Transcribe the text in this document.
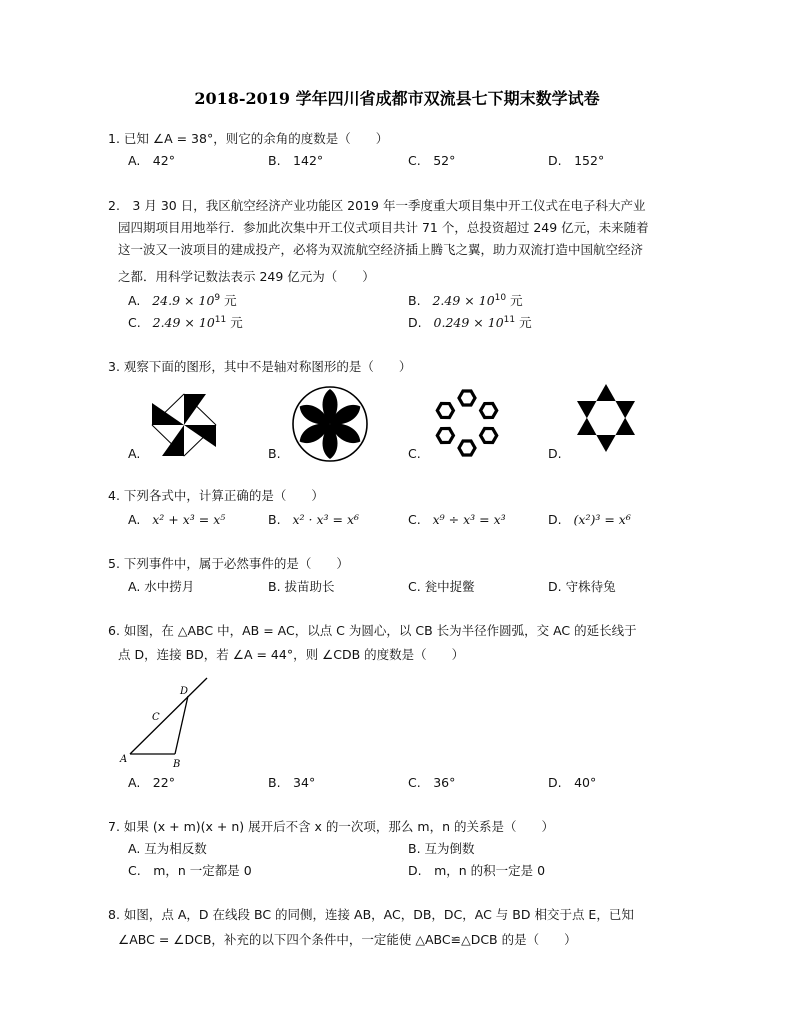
2018-2019 学年四川省成都市双流县七下期末数学试卷
1. 已知 ∠A = 38°，则它的余角的度数是（　　）
A.　42°	B.　142°	C.　52°	D.　152°
2.　3 月 30 日，我区航空经济产业功能区 2019 年一季度重大项目集中开工仪式在电子科大产业
园四期项目用地举行．参加此次集中开工仪式项目共计 71 个，总投资超过 249 亿元，未来随着
这一波又一波项目的建成投产，必将为双流航空经济插上腾飞之翼，助力双流打造中国航空经济
之都．用科学记数法表示 249 亿元为（　　）
A. $24.9 \times 10^9$ 元	B. $2.49 \times 10^{10}$ 元
C. $2.49 \times 10^{11}$ 元	D. $0.249 \times 10^{11}$ 元
3. 观察下面的图形，其中不是轴对称图形的是（　　）
A.	B.	C.	D.
4. 下列各式中，计算正确的是（　　）
A. x² + x³ = x⁵	B. x² · x³ = x⁶	C. x⁹ ÷ x³ = x³	D. (x²)³ = x⁶
5. 下列事件中，属于必然事件的是（　　）
A. 水中捞月	B. 拔苗助长	C. 瓮中捉鳖	D. 守株待兔
6. 如图，在 △ABC 中，AB = AC，以点 C 为圆心，以 CB 长为半径作圆弧，交 AC 的延长线于
点 D，连接 BD，若 ∠A = 44°，则 ∠CDB 的度数是（　　）
A	B
C
D
A.　22°	B.　34°	C.　36°	D.　40°
7. 如果 (x + m)(x + n) 展开后不含 x 的一次项，那么 m，n 的关系是（　　）
A. 互为相反数	B. 互为倒数
C.　m，n 一定都是 0	D.　m，n 的积一定是 0
8. 如图，点 A，D 在线段 BC 的同侧，连接 AB，AC，DB，DC，AC 与 BD 相交于点 E，已知
∠ABC = ∠DCB，补充的以下四个条件中，一定能使 △ABC≌△DCB 的是（　　）
